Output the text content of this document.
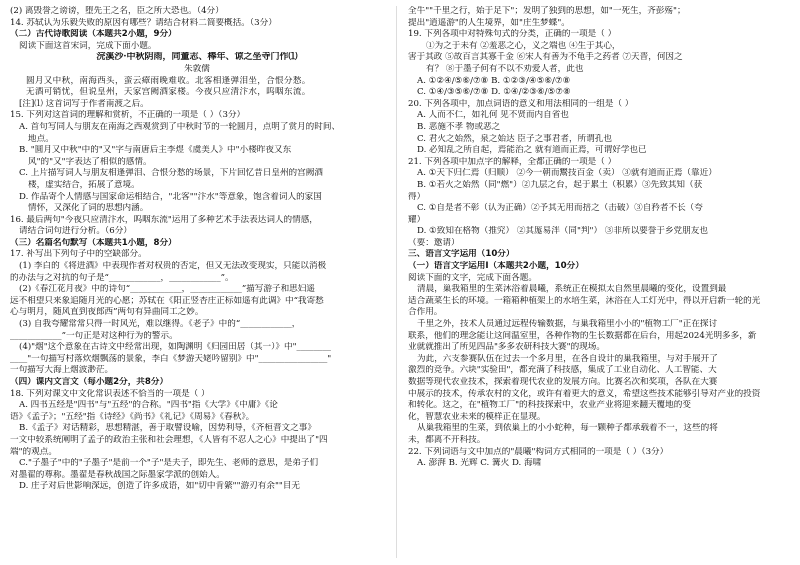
(2) 离毁誉之谤谤，堕先王之名，臣之所大恐也。（4分）
14. 苏轼认为乐毅失败的原因有哪些？请结合材料二简要概括。（3分）
（二）古代诗歌阅读（本题共2小题，9分）
阅读下面这首宋词，完成下面小题。
浣溪沙·中秋阴雨，同董志、棒年、谅之坐寺门作⑴
朱敦儒
圆月又中秋，南海西头，蛮云瘴雨晚难收。北客相逢弹泪坐，合恨分愁。
无酒可销忧，但说皇州，天家宫阙酒家楼。今夜只应清汴水，呜咽东流。
[注]⑴ 这首词写于作者南渡之后。
15. 下列对这首词的理解和赏析，不正确的一项是（ ）（3分）
A. 首句写同人与朋友在南海之西观赏到了中秋时节的一轮圆月，点明了赏月的时间、
地点。
B. "圆月又中秋"中的"又"字与南唐后主李煜《虞美人》中"小楼昨夜又东
风"的"又"字表达了相似的感情。
C. 上片描写词人与朋友相逢弹泪、合恨分愁的场景，下片回忆昔日皇州的宫阙酒
楼，虚实结合，拓展了意境。
D. 作品寄个人情感与国家命运相结合，"北客""汴水"等意象，饱含着词人的家国
情怀，又深化了词的思想内涵。
16. 最后两句"今夜只应清汴水，呜咽东流"运用了多种艺术手法表达词人的情感，
请结合词句进行分析。（6分）
（三）名篇名句默写（本题共1小题，8分）
17. 补写出下列句子中的空缺部分。
(1) 李白的《将进酒》中表现作者对权贵的否定，但又无法改变现实，只能以消极
的办法与之对抗的句子是“____________，____________”。
(2)《春江花月夜》中的诗句“____________，____________”描写游子和思妇遥
远不相望只来象追随月光的心愿；苏轼在《阳正竖杏庄正标如遥有此调》中“我寄愁
心与明月，随风直到夜郎西”两句有异曲同工之妙。
(3) 自我夸耀常常只得一时风光，难以继得。《老子》中的“____________，
____________”一句正是对这种行为的警示。
(4)"烟"这个意象在古诗文中经常出现，如陶渊明《归园田居（其一）》中"________
____"一句描写村落炊烟飘荡的景象，李白《梦游天姥吟留别》中"________________"
一句描写大海上烟波渺茫。
（四）课内文言文（每小题2分，共8分）
18. 下列对课文中文化常识表述不恰当的一项是（ ）
A. 四书五经是"四书"与"五经"的合称。"四书"指《大学》《中庸》《论
语》《孟子》；"五经"指《诗经》《尚书》《礼记》《周易》《春秋》。
B.《孟子》对话精彩，思想精湛，善于取譬设喻，因势利导，《齐桓晋文之事》
一文中较系统阐明了孟子的政治主张和社会理想，《人皆有不忍人之心》中提出了"四
端"的观点。
C."子墨子"中的"子墨子"是前一个"子"是夫子，即先生、老师的意思，是弟子们
对墨翟的尊称。墨翟是春秋战国之际墨家学派的创始人。
D. 庄子对后世影响深远，创造了许多成语，如"切中肯綮""游刃有余""目无
全牛""千里之行，始于足下"；发明了独到的思想，如"一死生，齐彭殇"；
提出"逍遥游"的人生境界，如"庄生梦蝶"。
19. 下列各项中对特殊句式的分类，正确的一项是（ ）
①为之于未有 ②羞恶之心，义之端也 ④生于其心，
害于其政 ⑤故百言其寡千金 ⑥宋人有善为不龟手之药者 ⑦天晋，何因之
有？ ⑧于墨子何有不以不劝爱人者，此也
A. ①②④/⑤⑥/⑦⑧ B. ①②③/④⑤⑥/⑦⑧
C. ①④/③⑤⑥/⑦⑧ D. ①④/②③⑥/⑤⑦⑧
20. 下列各项中，加点词语的意义和用法相同的一组是（ ）
A. 人而不仁，如礼何 见不贤而内自省也
B. 恶施不孝 物或恶之
C. 君火之始然，泉之始达 臣子之事君者，所谓孔也
D. 必知乱之所自起，焉能治之 就有道而正焉，可谓好学也已
21. 下列各项中加点字的解释，全都正确的一项是（ ）
A. ①天下归仁焉（归顺） ②今一朝而鬻技百金（卖） ③就有道而正焉（靠近）
B. ①若火之始然（同"燃"）②九层之台，起于累土（积累）③先致其知（获
得）
C. ①自是者不彰（认为正确）②予其无用而掊之（击破）③自矜者不长（夸
耀）
D. ①致知在格物（推究） ②其厖易泮（同"判"） ③非所以要誉于乡党朋友也
（要：邀请）
三、语言文字运用（10分）
（一）语言文字运用Ⅰ（本题共2小题，10分）
阅读下面的文字，完成下面各题。
清晨，巢我箱里的生菜沐浴着晨曦，系统正在模拟太自然里晨曦的变化，设置到最
适合蔬菜生长的环境。一箱箱种植架上的水培生菜，沐浴在人工灯光中，得以开启新一轮的光
合作用。
千里之外，技术人员通过远程传输数据，与巢我箱里小小的"植物工厂"正在探讨
联系，他们的理念能让这间温室里，各种作物的生长数据都在后台，用起2024光明多多，新
业就就推出了所见四品"多多农研科技大赛"的现场。
为此，六支参赛队伍在过去一个多月里，在各自设计的巢我箱里，与对手展开了
激烈的竞争。六块"实验田"，都充满了科技感，集成了工业自动化、人工智能、大
数据等现代农业技术，探索着现代农业的发展方向。比赛名次和奖项，各队在大赛
中展示的技术，传承农村的文化，或许有着更大的意义，希望这些技术能够引导对产业的投资
和转化。这之，在"植物工厂"的科技探索中，农业产业将迎来翻天覆地的变
化，智慧农业未来的模样正在显现。
从巢我箱里的生菜，到依巢上的小小蛇种，每一颗种子都承载着不一，这些的将
未，都离不开科技。
22. 下列词语与文中加点的"晨曦"构词方式相同的一项是（ ）（3分）
A. 澎湃 B. 光辉 C. 篝火 D. 海啸
